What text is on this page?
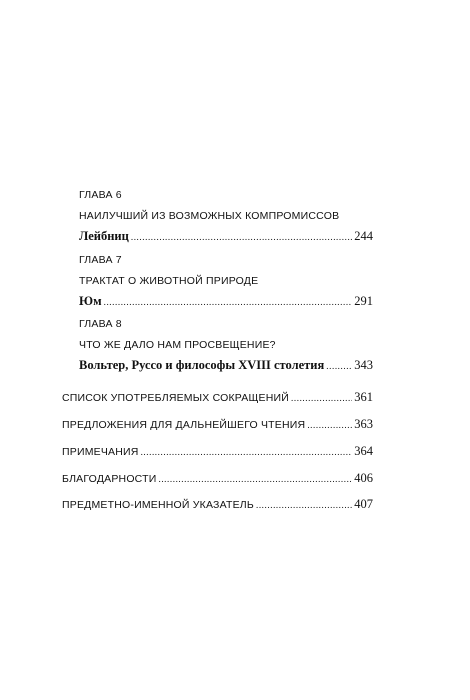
ГЛАВА 6
НАИЛУЧШИЙ ИЗ ВОЗМОЖНЫХ КОМПРОМИССОВ
Лейбниц .....	244
ГЛАВА 7
ТРАКТАТ О ЖИВОТНОЙ ПРИРОДЕ
Юм .....	291
ГЛАВА 8
ЧТО ЖЕ ДАЛО НАМ ПРОСВЕЩЕНИЕ?
Вольтер, Руссо и философы XVIII столетия ..... 343
СПИСОК УПОТРЕБЛЯЕМЫХ СОКРАЩЕНИЙ .....	361
ПРЕДЛОЖЕНИЯ ДЛЯ ДАЛЬНЕЙШЕГО ЧТЕНИЯ .....	363
ПРИМЕЧАНИЯ .....	364
БЛАГОДАРНОСТИ .....	406
ПРЕДМЕТНО-ИМЕННОЙ УКАЗАТЕЛЬ .....	407
